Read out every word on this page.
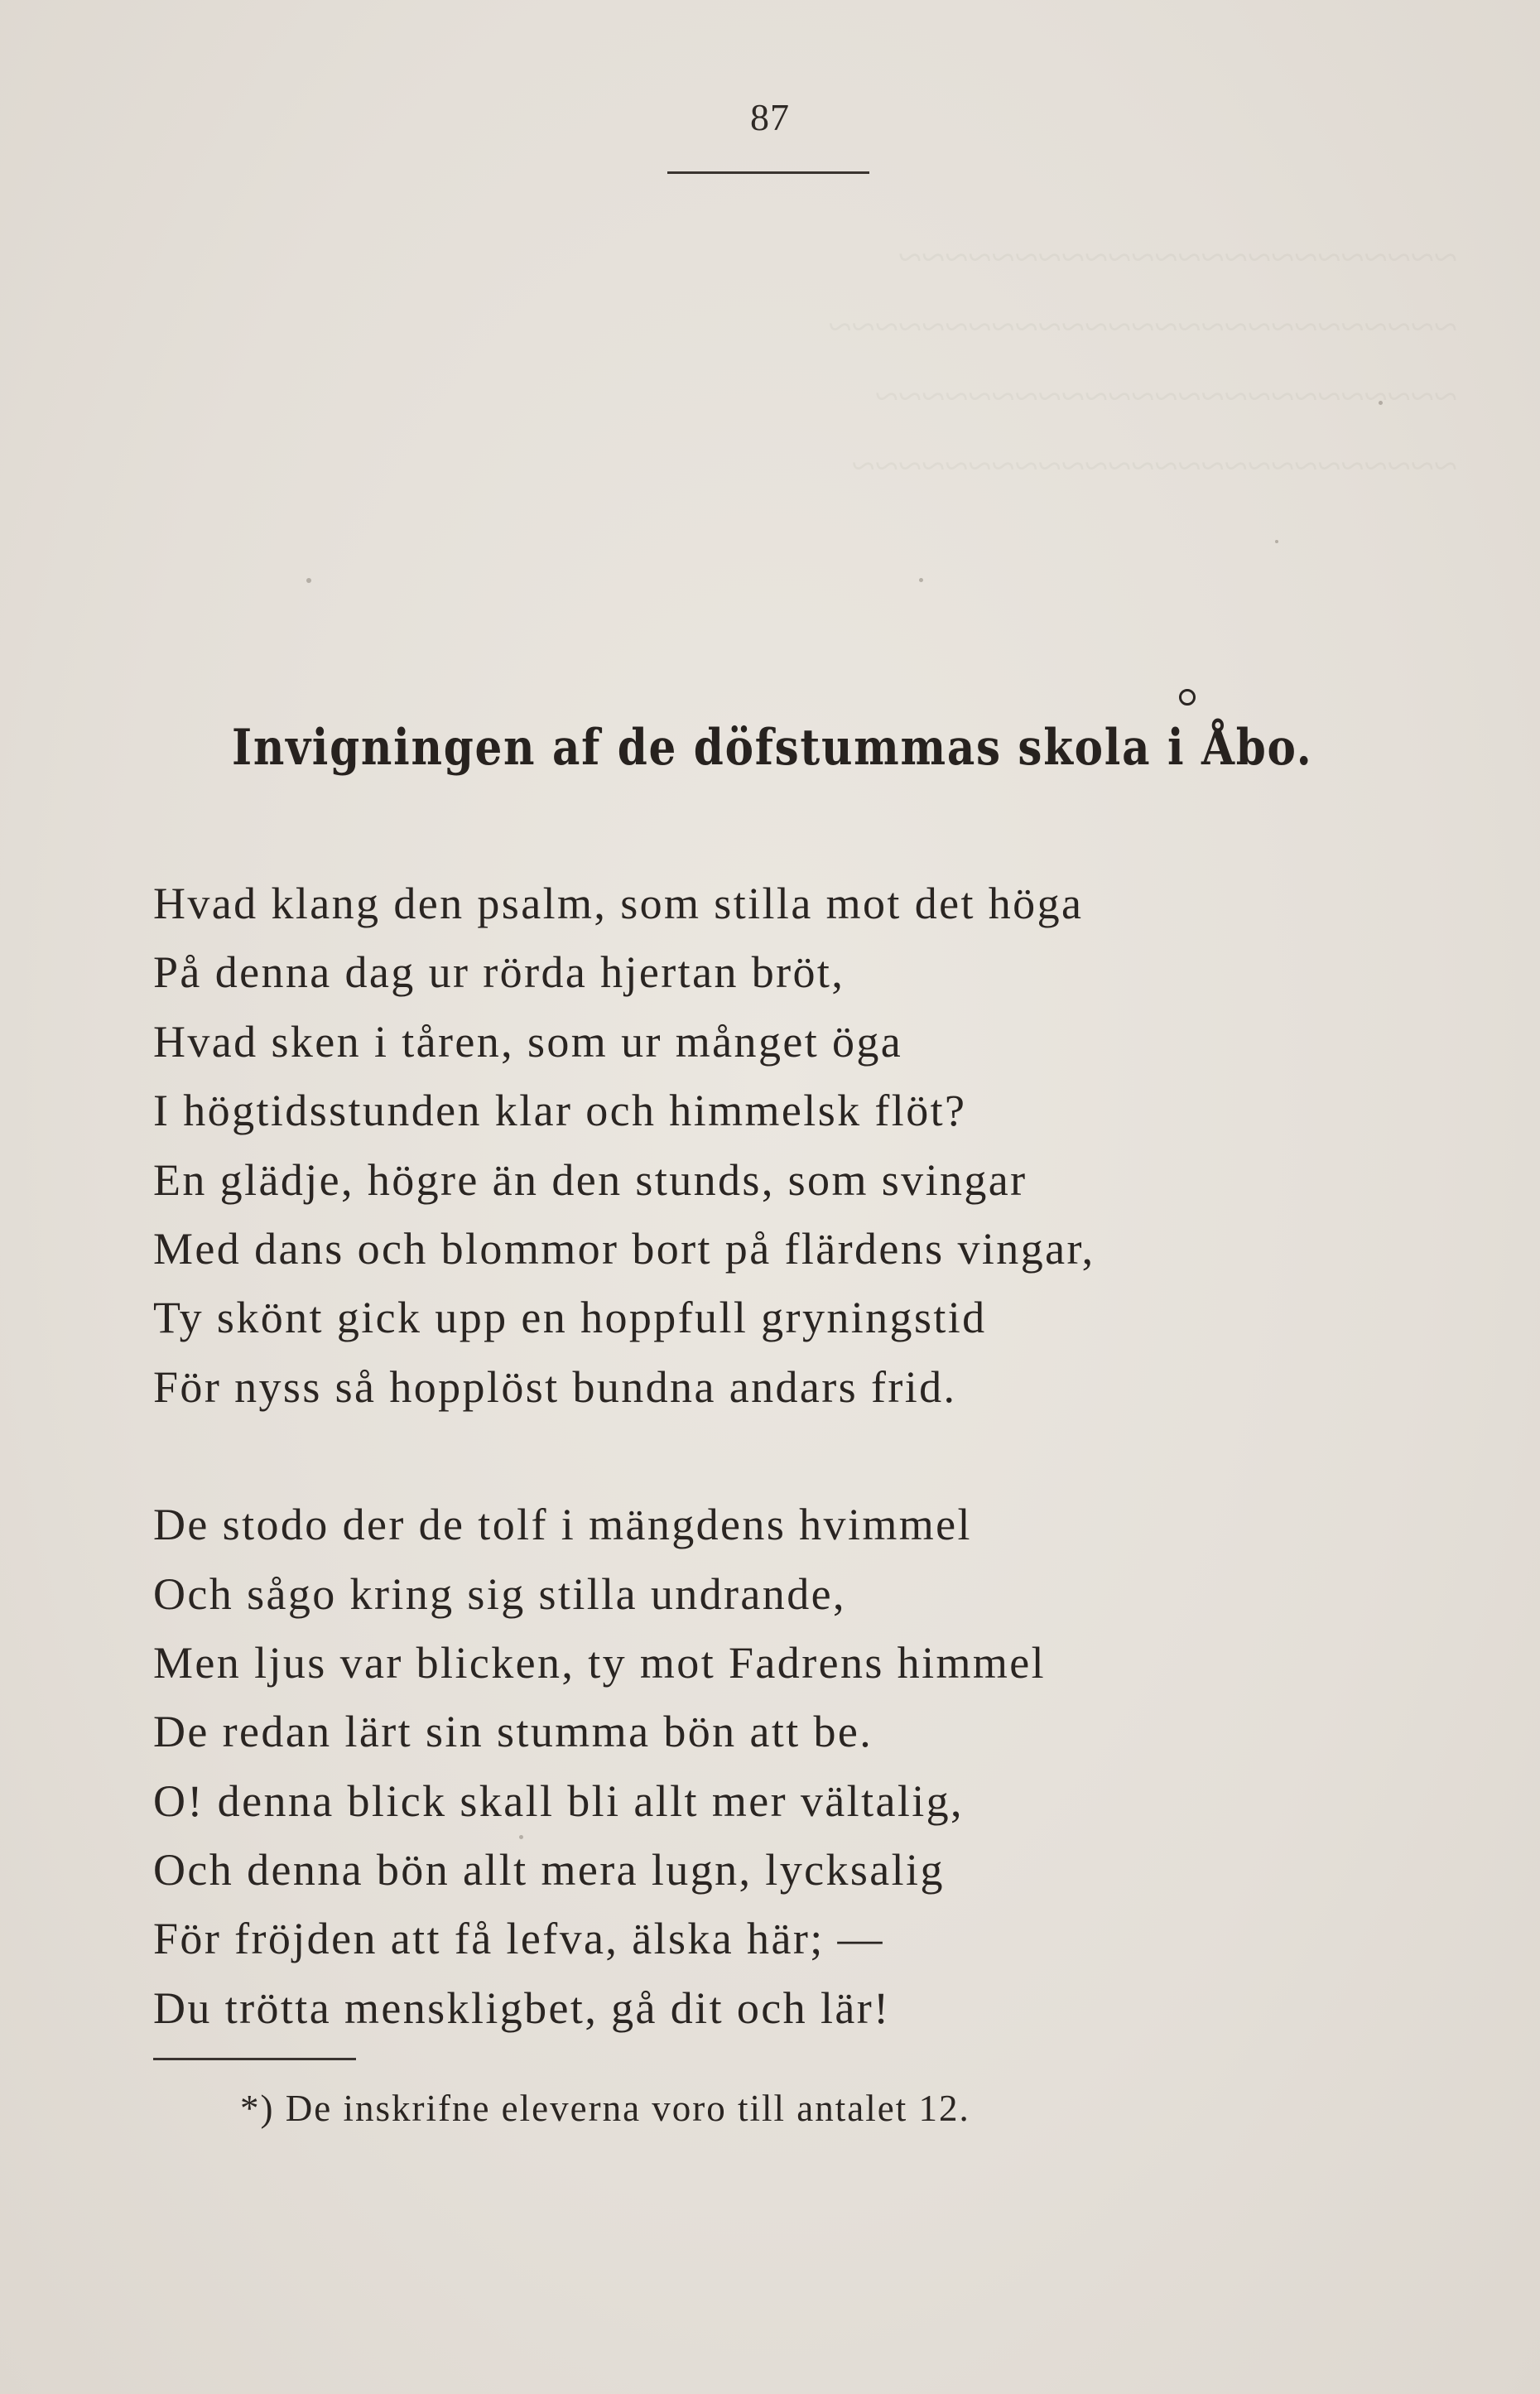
~~~~~~~~~~~~~~~~~~~~~~~~
~~~~~~~~~~~~~~~~~~~~~~~~~~~
~~~~~~~~~~~~~~~~~~~~~~~~~
~~~~~~~~~~~~~~~~~~~~~~~~~~
87
Invigningen af de döfstummas skola i Åbo.
Hvad klang den psalm, som stilla mot det höga
På denna dag ur rörda hjertan bröt,
Hvad sken i tåren, som ur månget öga
I högtidsstunden klar och himmelsk flöt?
En glädje, högre än den stunds, som svingar
Med dans och blommor bort på flärdens vingar,
Ty skönt gick upp en hoppfull gryningstid
För nyss så hopplöst bundna andars frid.
De stodo der de tolf i mängdens hvimmel
Och sågo kring sig stilla undrande,
Men ljus var blicken, ty mot Fadrens himmel
De redan lärt sin stumma bön att be.
O! denna blick skall bli allt mer vältalig,
Och denna bön allt mera lugn, lycksalig
För fröjden att få lefva, älska här; —
Du trötta menskligbet, gå dit och lär!
*) De inskrifne eleverna voro till antalet 12.
